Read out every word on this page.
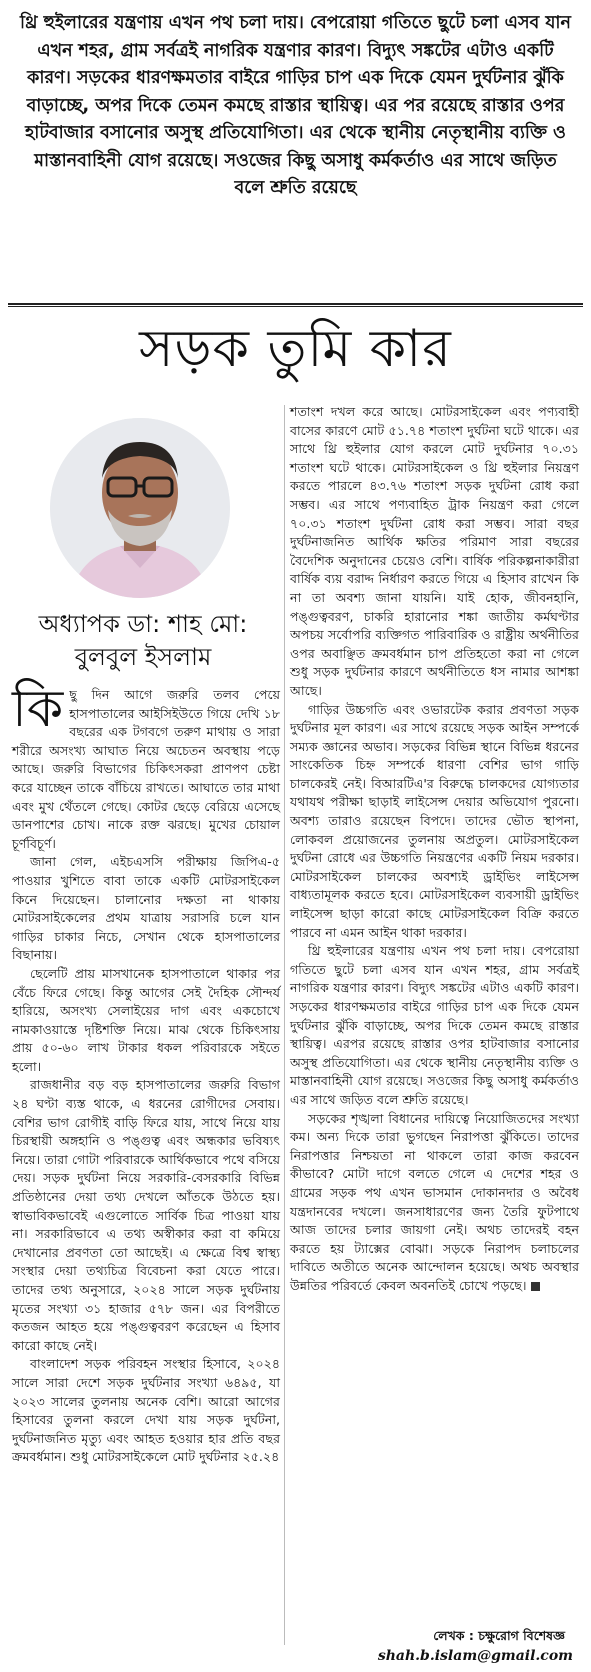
থ্রি হুইলারের যন্ত্রণায় এখন পথ চলা দায়। বেপরোয়া গতিতে ছুটে চলা এসব যান এখন শহর, গ্রাম সর্বত্রই নাগরিক যন্ত্রণার কারণ। বিদ্যুৎ সঙ্কটের এটাও একটি কারণ। সড়কের ধারণক্ষমতার বাইরে গাড়ির চাপ এক দিকে যেমন দুর্ঘটনার ঝুঁকি বাড়াচ্ছে, অপর দিকে তেমন কমছে রাস্তার স্থায়িত্ব। এর পর রয়েছে রাস্তার ওপর হাটবাজার বসানোর অসুস্থ প্রতিযোগিতা। এর থেকে স্থানীয় নেতৃস্থানীয় ব্যক্তি ও মাস্তানবাহিনী যোগ রয়েছে। সওজের কিছু অসাধু কর্মকর্তাও এর সাথে জড়িত বলে শ্রুতি রয়েছে
সড়ক তুমি কার
অধ্যাপক ডা: শাহ মো: বুলবুল ইসলাম

কিছু দিন আগে জরুরি তলব পেয়ে হাসপাতালের আইসিইউতে গিয়ে দেখি ১৮ বছরের এক টগবগে তরুণ মাথায় ও সারা শরীরে অসংখ্য আঘাত নিয়ে অচেতন অবস্থায় পড়ে আছে। জরুরি বিভাগের চিকিৎসকরা প্রাণপণ চেষ্টা করে যাচ্ছেন তাকে বাঁচিয়ে রাখতে। আঘাতে তার মাথা এবং মুখ থেঁতলে গেছে। কোটর ছেড়ে বেরিয়ে এসেছে ডানপাশের চোখ। নাকে রক্ত ঝরছে। মুখের চোয়াল চূর্ণবিচূর্ণ।

জানা গেল, এইচএসসি পরীক্ষায় জিপিএ-৫ পাওয়ার খুশিতে বাবা তাকে একটি মোটরসাইকেল কিনে দিয়েছেন। চালানোর দক্ষতা না থাকায় মোটরসাইকেলের প্রথম যাত্রায় সরাসরি চলে যান গাড়ির চাকার নিচে, সেখান থেকে হাসপাতালের বিছানায়।

ছেলেটি প্রায় মাসখানেক হাসপাতালে থাকার পর বেঁচে ফিরে গেছে। কিন্তু আগের সেই দৈহিক সৌন্দর্য হারিয়ে, অসংখ্য সেলাইয়ের দাগ এবং একচোখে নামকাওয়াস্তে দৃষ্টিশক্তি নিয়ে। মাঝ থেকে চিকিৎসায় প্রায় ৫০-৬০ লাখ টাকার ধকল পরিবারকে সইতে হলো।

রাজধানীর বড় বড় হাসপাতালের জরুরি বিভাগ ২৪ ঘণ্টা ব্যস্ত থাকে, এ ধরনের রোগীদের সেবায়। বেশির ভাগ রোগীই বাড়ি ফিরে যায়, সাথে নিয়ে যায় চিরস্থায়ী অঙ্গহানি ও পঙ্গুত্ব এবং অন্ধকার ভবিষ্যৎ নিয়ে। তারা গোটা পরিবারকে আর্থিকভাবে পথে বসিয়ে দেয়। সড়ক দুর্ঘটনা নিয়ে সরকারি-বেসরকারি বিভিন্ন প্রতিষ্ঠানের দেয়া তথ্য দেখলে আঁতকে উঠতে হয়। স্বাভাবিকভাবেই এগুলোতে সার্বিক চিত্র পাওয়া যায় না। সরকারিভাবে এ তথ্য অস্বীকার করা বা কমিয়ে দেখানোর প্রবণতা তো আছেই। এ ক্ষেত্রে বিশ্ব স্বাস্থ্য সংস্থার দেয়া তথ্যচিত্র বিবেচনা করা যেতে পারে। তাদের তথ্য অনুসারে, ২০২৪ সালে সড়ক দুর্ঘটনায় মৃতের সংখ্যা ৩১ হাজার ৫৭৮ জন। এর বিপরীতে কতজন আহত হয়ে পঙ্গুত্ববরণ করেছেন এ হিসাব কারো কাছে নেই।

বাংলাদেশ সড়ক পরিবহন সংস্থার হিসাবে, ২০২৪ সালে সারা দেশে সড়ক দুর্ঘটনার সংখ্যা ৬৪৯৫, যা ২০২৩ সালের তুলনায় অনেক বেশি। আরো আগের হিসাবের তুলনা করলে দেখা যায় সড়ক দুর্ঘটনা, দুর্ঘটনাজনিত মৃত্যু এবং আহত হওয়ার হার প্রতি বছর ক্রমবর্ধমান। শুধু মোটরসাইকেলে মোট দুর্ঘটনার ২৫.২৪

শতাংশ দখল করে আছে। মোটরসাইকেল এবং পণ্যবাহী বাসের কারণে মোট ৫১.৭৪ শতাংশ দুর্ঘটনা ঘটে থাকে। এর সাথে থ্রি হুইলার যোগ করলে মোট দুর্ঘটনার ৭০.৩১ শতাংশ ঘটে থাকে। মোটরসাইকেল ও থ্রি হুইলার নিয়ন্ত্রণ করতে পারলে ৪৩.৭৬ শতাংশ সড়ক দুর্ঘটনা রোধ করা সম্ভব। এর সাথে পণ্যবাহিত ট্রাক নিয়ন্ত্রণ করা গেলে ৭০.৩১ শতাংশ দুর্ঘটনা রোধ করা সম্ভব। সারা বছর দুর্ঘটনাজনিত আর্থিক ক্ষতির পরিমাণ সারা বছরের বৈদেশিক অনুদানের চেয়েও বেশি। বার্ষিক পরিকল্পনাকারীরা বার্ষিক ব্যয় বরাদ্দ নির্ধারণ করতে গিয়ে এ হিসাব রাখেন কি না তা অবশ্য জানা যায়নি। যাই হোক, জীবনহানি, পঙ্গুত্ববরণ, চাকরি হারানোর শঙ্কা জাতীয় কর্মঘণ্টার অপচয় সর্বোপরি ব্যক্তিগত পারিবারিক ও রাষ্ট্রীয় অর্থনীতির ওপর অবাঞ্ছিত ক্রমবর্ধমান চাপ প্রতিহতো করা না গেলে শুধু সড়ক দুর্ঘটনার কারণে অর্থনীতিতে ধস নামার আশঙ্কা আছে।

গাড়ির উচ্চগতি এবং ওভারটেক করার প্রবণতা সড়ক দুর্ঘটনার মূল কারণ। এর সাথে রয়েছে সড়ক আইন সম্পর্কে সম্যক জ্ঞানের অভাব। সড়কের বিভিন্ন স্থানে বিভিন্ন ধরনের সাংকেতিক চিহ্ন সম্পর্কে ধারণা বেশির ভাগ গাড়ি চালকেরই নেই। বিআরটিএ'র বিরুদ্ধে চালকদের যোগ্যতার যথাযথ পরীক্ষা ছাড়াই লাইসেন্স দেয়ার অভিযোগ পুরনো। অবশ্য তারাও রয়েছেন বিপদে। তাদের ভৌত স্থাপনা, লোকবল প্রয়োজনের তুলনায় অপ্রতুল। মোটরসাইকেল দুর্ঘটনা রোধে এর উচ্চগতি নিয়ন্ত্রণের একটি নিয়ম দরকার। মোটরসাইকেল চালকের অবশ্যই ড্রাইভিং লাইসেন্স বাধ্যতামূলক করতে হবে। মোটরসাইকেল ব্যবসায়ী ড্রাইভিং লাইসেন্স ছাড়া কারো কাছে মোটরসাইকেল বিক্রি করতে পারবে না এমন আইন থাকা দরকার।

থ্রি হুইলারের যন্ত্রণায় এখন পথ চলা দায়। বেপরোয়া গতিতে ছুটে চলা এসব যান এখন শহর, গ্রাম সর্বত্রই নাগরিক যন্ত্রণার কারণ। বিদ্যুৎ সঙ্কটের এটাও একটি কারণ। সড়কের ধারণক্ষমতার বাইরে গাড়ির চাপ এক দিকে যেমন দুর্ঘটনার ঝুঁকি বাড়াচ্ছে, অপর দিকে তেমন কমছে রাস্তার স্থায়িত্ব। এরপর রয়েছে রাস্তার ওপর হাটবাজার বসানোর অসুস্থ প্রতিযোগিতা। এর থেকে স্থানীয় নেতৃস্থানীয় ব্যক্তি ও মাস্তানবাহিনী যোগ রয়েছে। সওজের কিছু অসাধু কর্মকর্তাও এর সাথে জড়িত বলে শ্রুতি রয়েছে।

সড়কের শৃঙ্খলা বিধানের দায়িত্বে নিয়োজিতদের সংখ্যা কম। অন্য দিকে তারা ভুগছেন নিরাপত্তা ঝুঁকিতে। তাদের নিরাপত্তার নিশ্চয়তা না থাকলে তারা কাজ করবেন কীভাবে? মোটা দাগে বলতে গেলে এ দেশের শহর ও গ্রামের সড়ক পথ এখন ভাসমান দোকানদার ও অবৈধ যন্ত্রদানবের দখলে। জনসাধারণের জন্য তৈরি ফুটপাথে আজ তাদের চলার জায়গা নেই। অথচ তাদেরই বহন করতে হয় ট্যাক্সের বোঝা। সড়কে নিরাপদ চলাচলের দাবিতে অতীতে অনেক আন্দোলন হয়েছে। অথচ অবস্থার উন্নতির পরিবর্তে কেবল অবনতিই চোখে পড়ছে।

লেখক : চক্ষুরোগ বিশেষজ্ঞ
shah.b.islam@gmail.com
